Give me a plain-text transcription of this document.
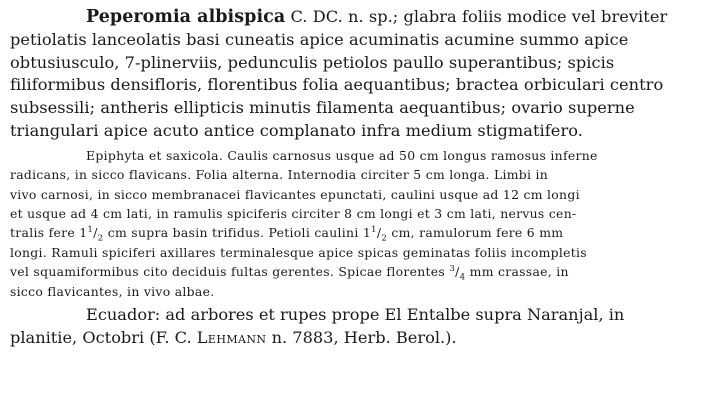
Peperomia albispica C. DC. n. sp.; glabra foliis modice vel breviter
petiolatis lanceolatis basi cuneatis apice acuminatis acumine summo apice
obtusiusculo, 7-plinerviis, pedunculis petiolos paullo superantibus; spicis
filiformibus densifloris, florentibus folia aequantibus; bractea orbiculari centro
subsessili; antheris ellipticis minutis filamenta aequantibus; ovario superne
triangulari apice acuto antice complanato infra medium stigmatifero.
Epiphyta et saxicola. Caulis carnosus usque ad 50 cm longus ramosus inferne
radicans, in sicco flavicans. Folia alterna. Internodia circiter 5 cm longa. Limbi in
vivo carnosi, in sicco membranacei flavicantes epunctati, caulini usque ad 12 cm longi
et usque ad 4 cm lati, in ramulis spiciferis circiter 8 cm longi et 3 cm lati, nervus cen-
tralis fere $1^1/_2$ cm supra basin trifidus. Petioli caulini $1^1/_2$ cm, ramulorum fere 6 mm
longi. Ramuli spiciferi axillares terminalesque apice spicas geminatas foliis incompletis
vel squamiformibus cito deciduis fultas gerentes. Spicae florentes $^3/_4$ mm crassae, in
sicco flavicantes, in vivo albae.
Ecuador: ad arbores et rupes prope El Entalbe supra Naranjal, in
planitie, Octobri (F. C. Lehmann n. 7883, Herb. Berol.).
